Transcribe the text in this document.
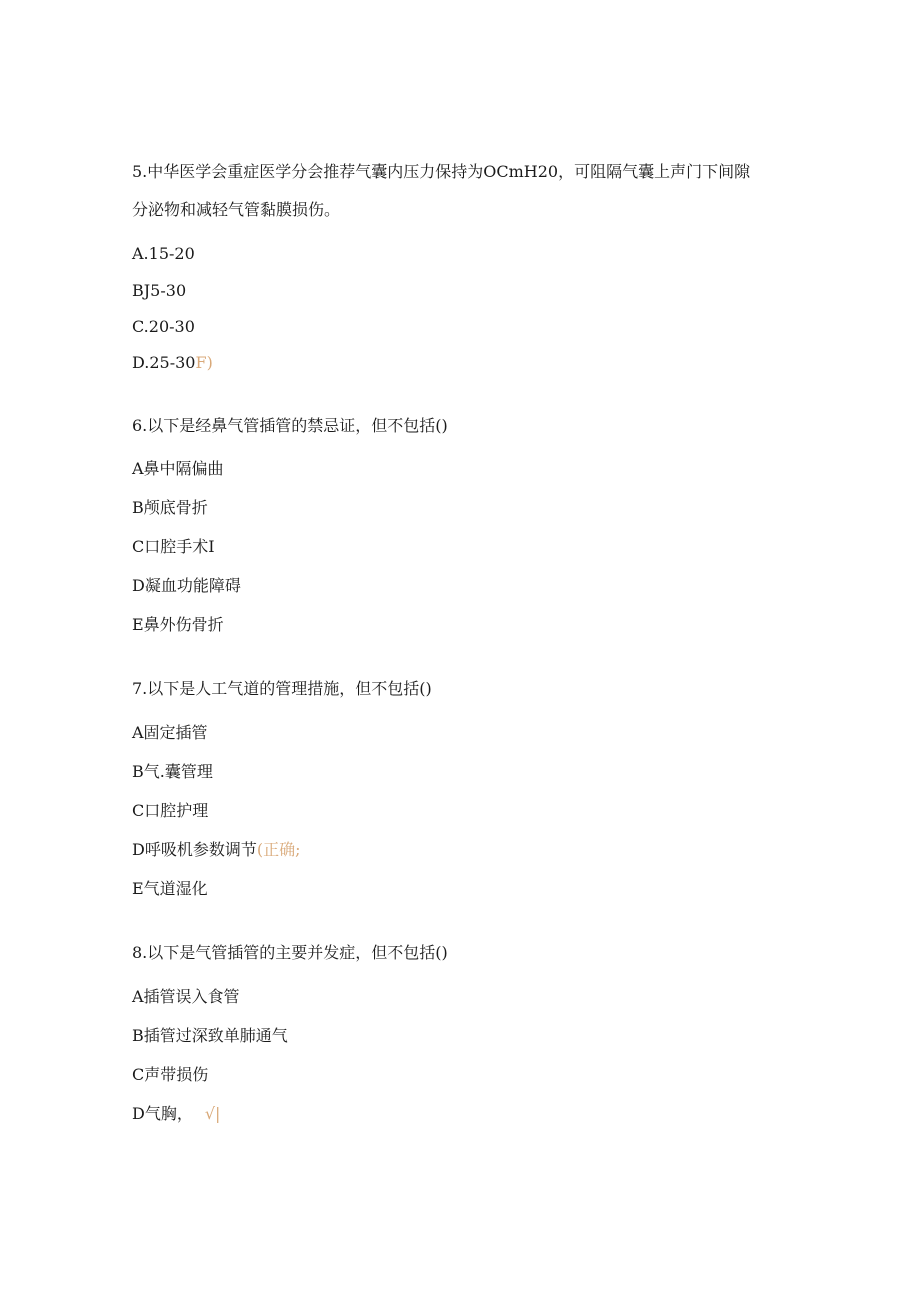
5.中华医学会重症医学分会推荐气囊内压力保持为OCmH20，可阻隔气囊上声门下间隙
分泌物和减轻气管黏膜损伤。
A.15-20
BJ5-30
C.20-30
D.25-30F)
6.以下是经鼻气管插管的禁忌证，但不包括()
A鼻中隔偏曲
B颅底骨折
C口腔手术I
D凝血功能障碍
E鼻外伤骨折
7.以下是人工气道的管理措施，但不包括()
A固定插管
B气.囊管理
C口腔护理
D呼吸机参数调节(正确;
E气道湿化
8.以下是气管插管的主要并发症，但不包括()
A插管误入食管
B插管过深致单肺通气
C声带损伤
D气胸， √|
